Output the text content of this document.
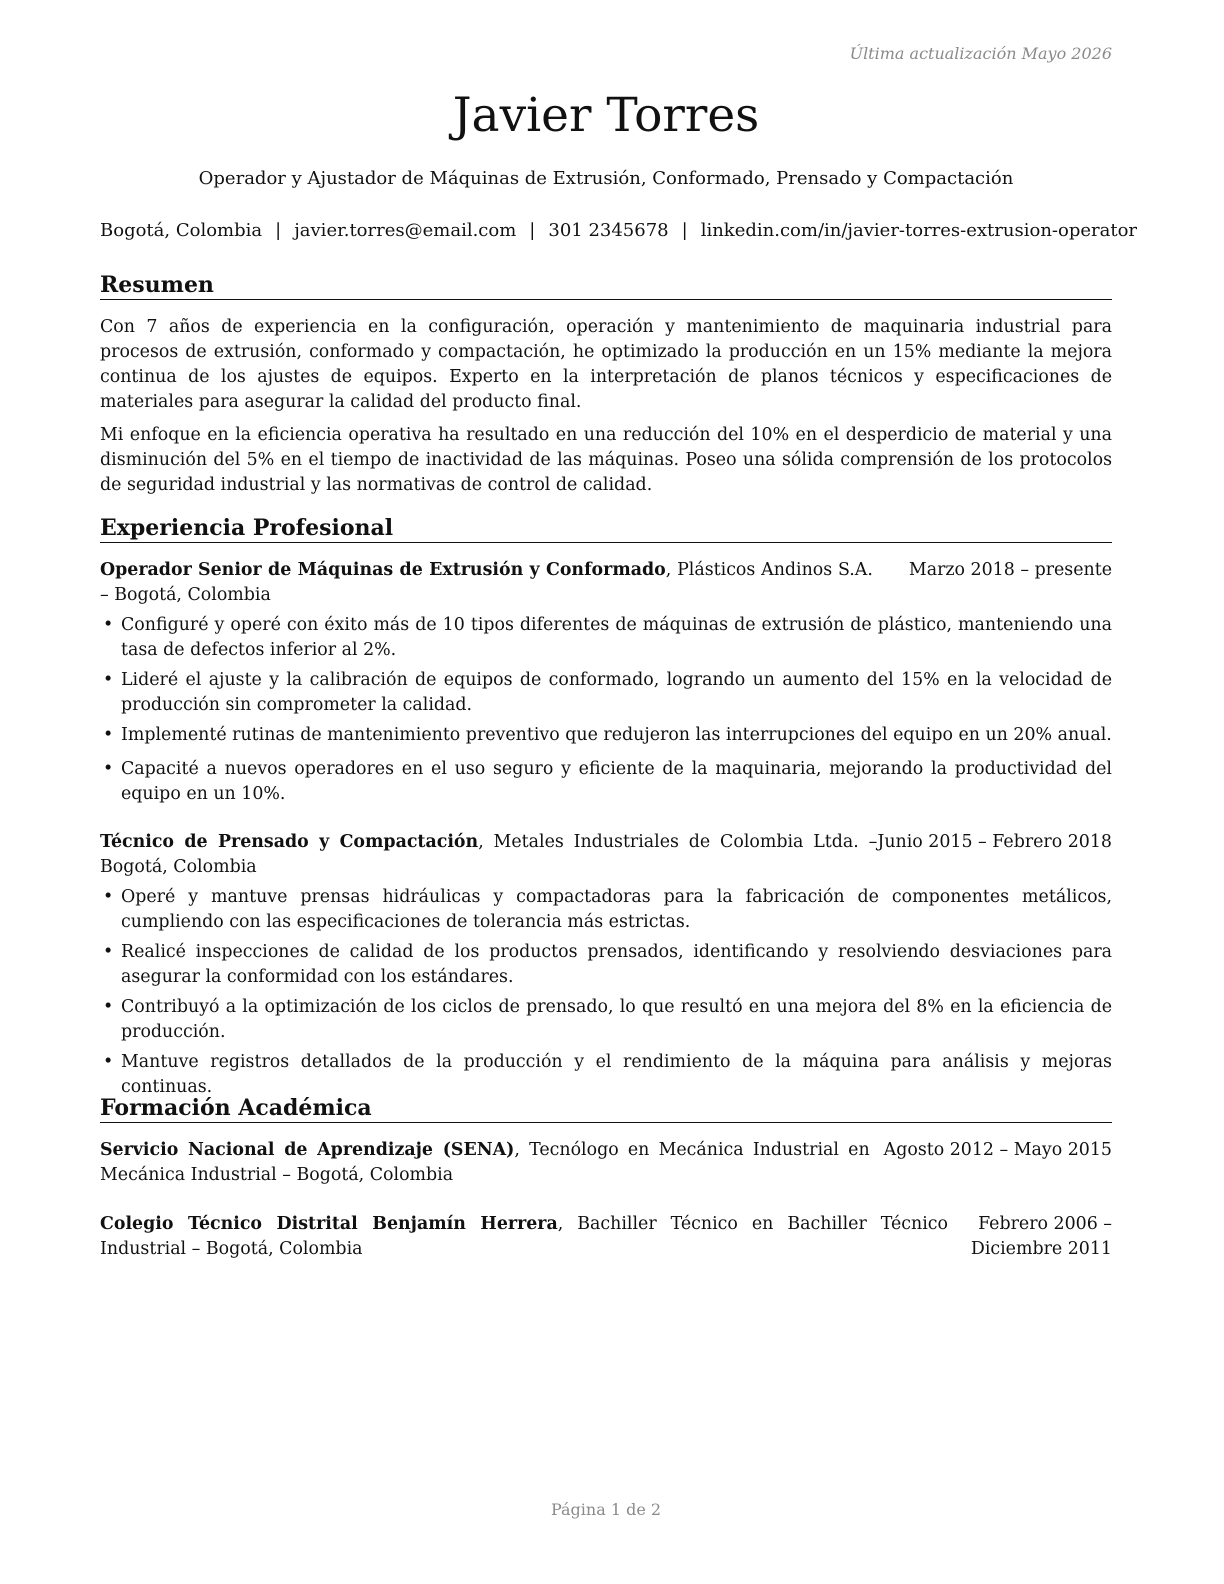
Última actualización Mayo 2026
Javier Torres
Operador y Ajustador de Máquinas de Extrusión, Conformado, Prensado y Compactación
Bogotá, Colombia | javier.torres@email.com | 301 2345678 | linkedin.com/in/javier-torres-extrusion-operator
Resumen

Con 7 años de experiencia en la configuración, operación y mantenimiento de maquinaria industrial para procesos de extrusión, conformado y compactación, he optimizado la producción en un 15% mediante la mejora continua de los ajustes de equipos. Experto en la interpretación de planos técnicos y especificaciones de materiales para asegurar la calidad del producto final.

Mi enfoque en la eficiencia operativa ha resultado en una reducción del 10% en el desperdicio de material y una disminución del 5% en el tiempo de inactividad de las máquinas. Poseo una sólida comprensión de los protocolos de seguridad industrial y las normativas de control de calidad.

Experiencia Profesional
Operador Senior de Máquinas de Extrusión y Conformado, Plásticos Andinos S.A. – Bogotá, Colombia
Marzo 2018 – presente
• Configuré y operé con éxito más de 10 tipos diferentes de máquinas de extrusión de plástico, manteniendo una tasa de defectos inferior al 2%.
• Lideré el ajuste y la calibración de equipos de conformado, logrando un aumento del 15% en la velocidad de producción sin comprometer la calidad.
• Implementé rutinas de mantenimiento preventivo que redujeron las interrupciones del equipo en un 20% anual.
• Capacité a nuevos operadores en el uso seguro y eficiente de la maquinaria, mejorando la productividad del equipo en un 10%.
Técnico de Prensado y Compactación, Metales Industriales de Colombia Ltda. – Bogotá, Colombia
Junio 2015 – Febrero 2018
• Operé y mantuve prensas hidráulicas y compactadoras para la fabricación de componentes metálicos, cumpliendo con las especificaciones de tolerancia más estrictas.
• Realicé inspecciones de calidad de los productos prensados, identificando y resolviendo desviaciones para asegurar la conformidad con los estándares.
• Contribuyó a la optimización de los ciclos de prensado, lo que resultó en una mejora del 8% en la eficiencia de producción.
• Mantuve registros detallados de la producción y el rendimiento de la máquina para análisis y mejoras continuas.
Formación Académica
Servicio Nacional de Aprendizaje (SENA), Tecnólogo en Mecánica Industrial en Mecánica Industrial – Bogotá, Colombia
Agosto 2012 – Mayo 2015
Colegio Técnico Distrital Benjamín Herrera, Bachiller Técnico en Bachiller Técnico Industrial – Bogotá, Colombia
Febrero 2006 – Diciembre 2011
Página 1 de 2
